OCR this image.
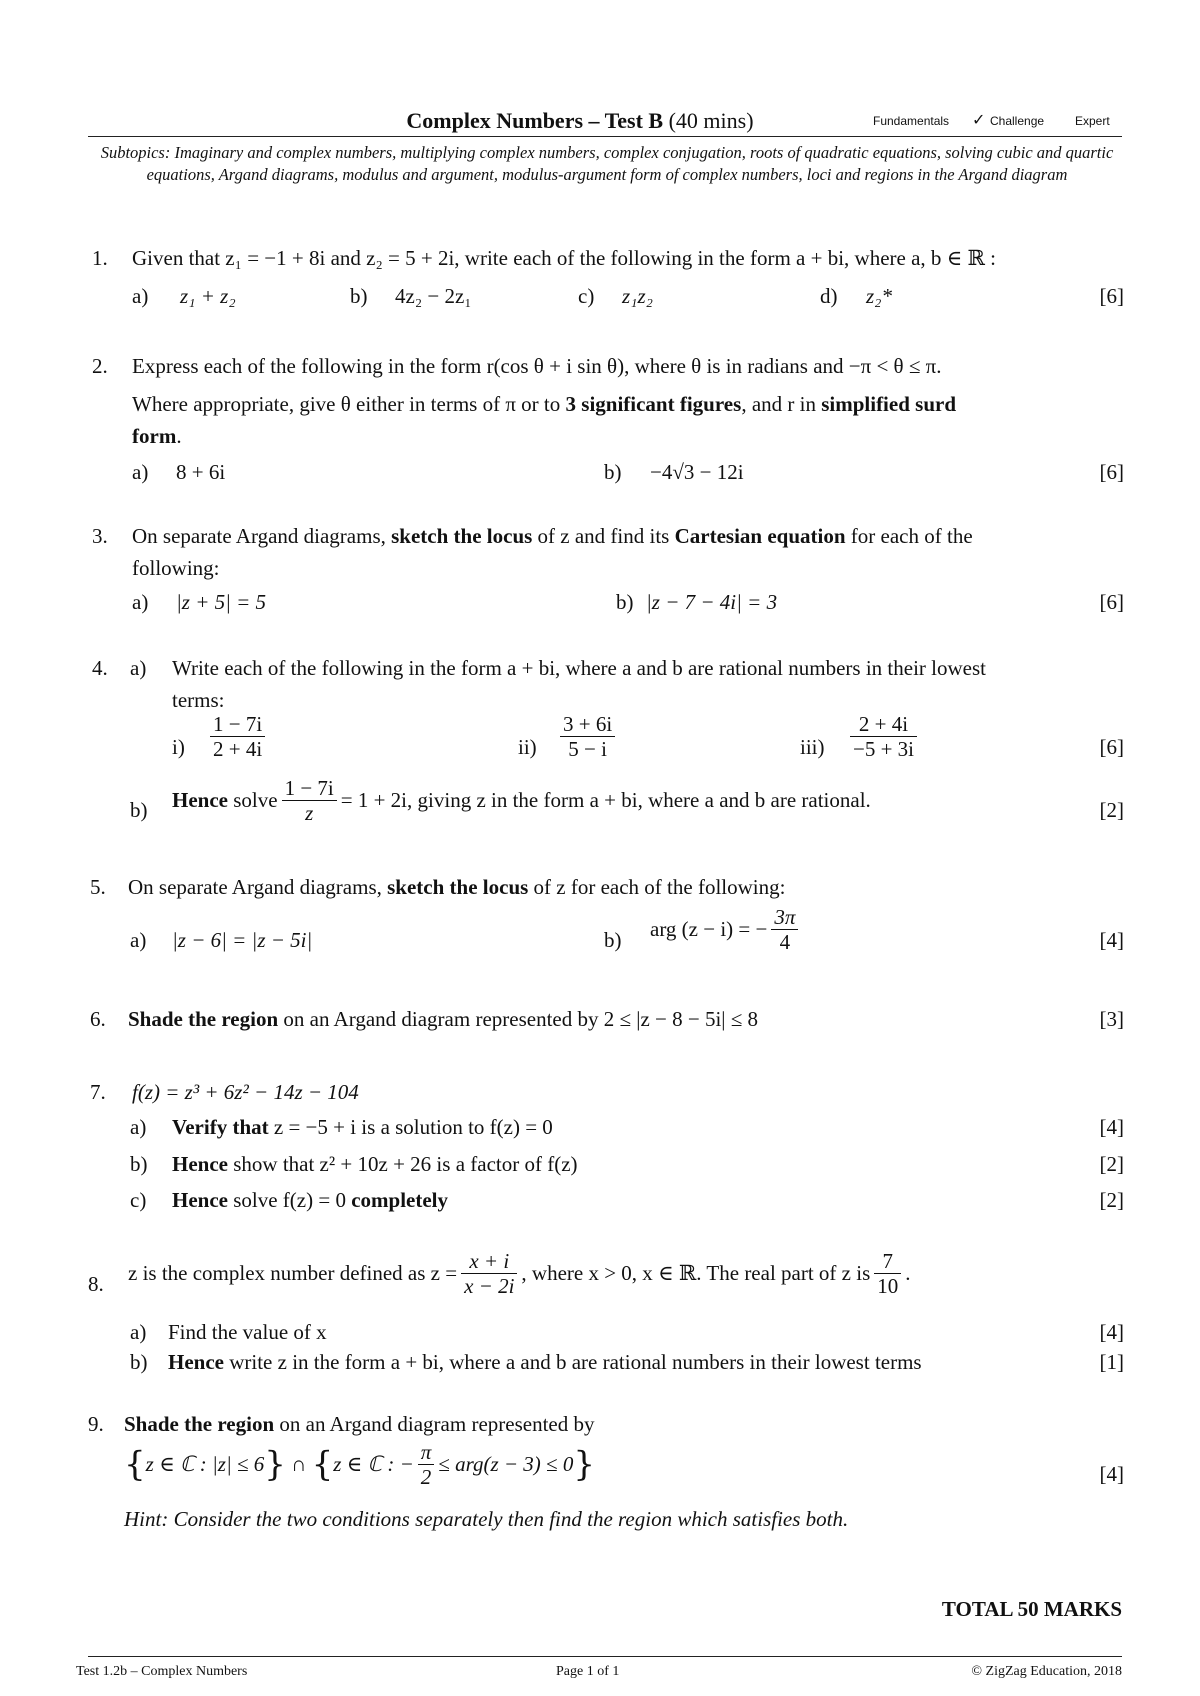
Complex Numbers – Test B (40 mins)	Fundamentals ✓ Challenge	Expert
Subtopics: Imaginary and complex numbers, multiplying complex numbers, complex conjugation, roots of quadratic equations, solving cubic and quartic equations, Argand diagrams, modulus and argument, modulus-argument form of complex numbers, loci and regions in the Argand diagram
1. Given that z₁ = −1 + 8i and z₂ = 5 + 2i, write each of the following in the form a + bi, where a, b ∈ ℝ :
a) z₁ + z₂	b) 4z₂ − 2z₁	c) z₁z₂	d) z₂*	[6]
2. Express each of the following in the form r(cos θ + i sin θ), where θ is in radians and −π < θ ≤ π.
Where appropriate, give θ either in terms of π or to 3 significant figures, and r in simplified surd
form.
a) 8 + 6i	b) −4√3 − 12i	[6]
3. On separate Argand diagrams, sketch the locus of z and find its Cartesian equation for each of the
following:
a) |z + 5| = 5	b) |z − 7 − 4i| = 3	[6]
4. a) Write each of the following in the form a + bi, where a and b are rational numbers in their lowest
terms:
$i) \frac{1 - 7i}{2 + 4i}$	$ii) \frac{3 + 6i}{5 - i}$	$iii) \frac{2 + 4i}{-5 + 3i}$	[6]
b) Hence solve $\frac{1 - 7i}{z} = 1 + 2i$, giving z in the form a + bi, where a and b are rational.	[2]
5. On separate Argand diagrams, sketch the locus of z for each of the following:
a) |z − 6| = |z − 5i|	b) arg (z − i) = − $\frac{3\pi}{4}$	[4]
6. Shade the region on an Argand diagram represented by 2 ≤ |z − 8 − 5i| ≤ 8	[3]
7. f(z) = z³ + 6z² − 14z − 104
a) Verify that z = −5 + i is a solution to f(z) = 0	[4]
b) Hence show that z² + 10z + 26 is a factor of f(z)	[2]
c) Hence solve f(z) = 0 completely	[2]
8. z is the complex number defined as $z = \frac{x + i}{x - 2i}$ , where x > 0, x ∈ ℝ. The real part of z is $\frac{7}{10}$ .
a) Find the value of x	[4]
b) Hence write z in the form a + bi, where a and b are rational numbers in their lowest terms	[1]
9. Shade the region on an Argand diagram represented by
{z ∈ ℂ : |z| ≤ 6} ∩ {z ∈ ℂ : − $\frac{\pi}{2} \le arg(z - 3) \le 0$}	[4]
Hint: Consider the two conditions separately then find the region which satisfies both.
TOTAL 50 MARKS
Test 1.2b – Complex Numbers	Page 1 of 1	© ZigZag Education, 2018
